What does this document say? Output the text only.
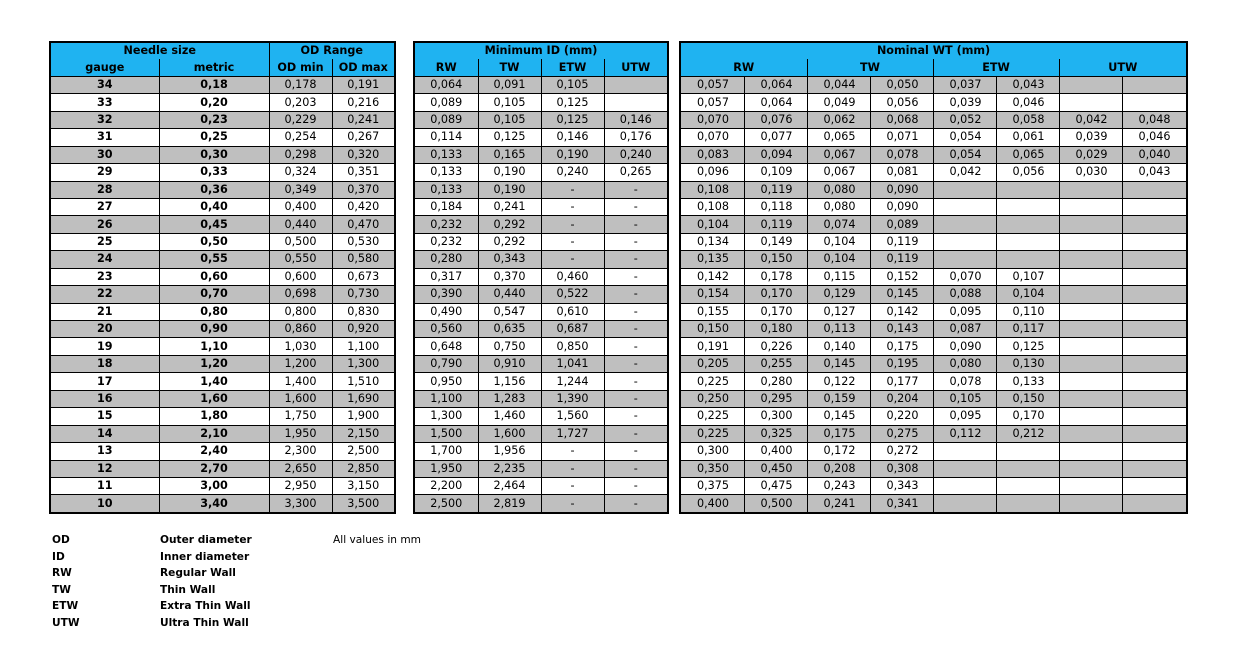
Needle size		OD Range	
gauge	metric	OD min	OD max
34	0,18	0,178	0,191
33	0,20	0,203	0,216
32	0,23	0,229	0,241
31	0,25	0,254	0,267
30	0,30	0,298	0,320
29	0,33	0,324	0,351
28	0,36	0,349	0,370
27	0,40	0,400	0,420
26	0,45	0,440	0,470
25	0,50	0,500	0,530
24	0,55	0,550	0,580
23	0,60	0,600	0,673
22	0,70	0,698	0,730
21	0,80	0,800	0,830
20	0,90	0,860	0,920
19	1,10	1,030	1,100
18	1,20	1,200	1,300
17	1,40	1,400	1,510
16	1,60	1,600	1,690
15	1,80	1,750	1,900
14	2,10	1,950	2,150
13	2,40	2,300	2,500
12	2,70	2,650	2,850
11	3,00	2,950	3,150
10	3,40	3,300	3,500
Minimum ID (mm)			
RW	TW	ETW	UTW
0,064	0,091	0,105	
0,089	0,105	0,125	
0,089	0,105	0,125	0,146
0,114	0,125	0,146	0,176
0,133	0,165	0,190	0,240
0,133	0,190	0,240	0,265
0,133	0,190	-	-
0,184	0,241	-	-
0,232	0,292	-	-
0,232	0,292	-	-
0,280	0,343	-	-
0,317	0,370	0,460	-
0,390	0,440	0,522	-
0,490	0,547	0,610	-
0,560	0,635	0,687	-
0,648	0,750	0,850	-
0,790	0,910	1,041	-
0,950	1,156	1,244	-
1,100	1,283	1,390	-
1,300	1,460	1,560	-
1,500	1,600	1,727	-
1,700	1,956	-	-
1,950	2,235	-	-
2,200	2,464	-	-
2,500	2,819	-	-
Nominal WT (mm)							
RW		TW		ETW		UTW	
0,057	0,064	0,044	0,050	0,037	0,043		
0,057	0,064	0,049	0,056	0,039	0,046		
0,070	0,076	0,062	0,068	0,052	0,058	0,042	0,048
0,070	0,077	0,065	0,071	0,054	0,061	0,039	0,046
0,083	0,094	0,067	0,078	0,054	0,065	0,029	0,040
0,096	0,109	0,067	0,081	0,042	0,056	0,030	0,043
0,108	0,119	0,080	0,090				
0,108	0,118	0,080	0,090				
0,104	0,119	0,074	0,089				
0,134	0,149	0,104	0,119				
0,135	0,150	0,104	0,119				
0,142	0,178	0,115	0,152	0,070	0,107		
0,154	0,170	0,129	0,145	0,088	0,104		
0,155	0,170	0,127	0,142	0,095	0,110		
0,150	0,180	0,113	0,143	0,087	0,117		
0,191	0,226	0,140	0,175	0,090	0,125		
0,205	0,255	0,145	0,195	0,080	0,130		
0,225	0,280	0,122	0,177	0,078	0,133		
0,250	0,295	0,159	0,204	0,105	0,150		
0,225	0,300	0,145	0,220	0,095	0,170		
0,225	0,325	0,175	0,275	0,112	0,212		
0,300	0,400	0,172	0,272				
0,350	0,450	0,208	0,308				
0,375	0,475	0,243	0,343				
0,400	0,500	0,241	0,341				
OD	Outer diameter
ID	Inner diameter
RW	Regular Wall
TW	Thin Wall
ETW	Extra Thin Wall
UTW	Ultra Thin Wall
All values in mm
